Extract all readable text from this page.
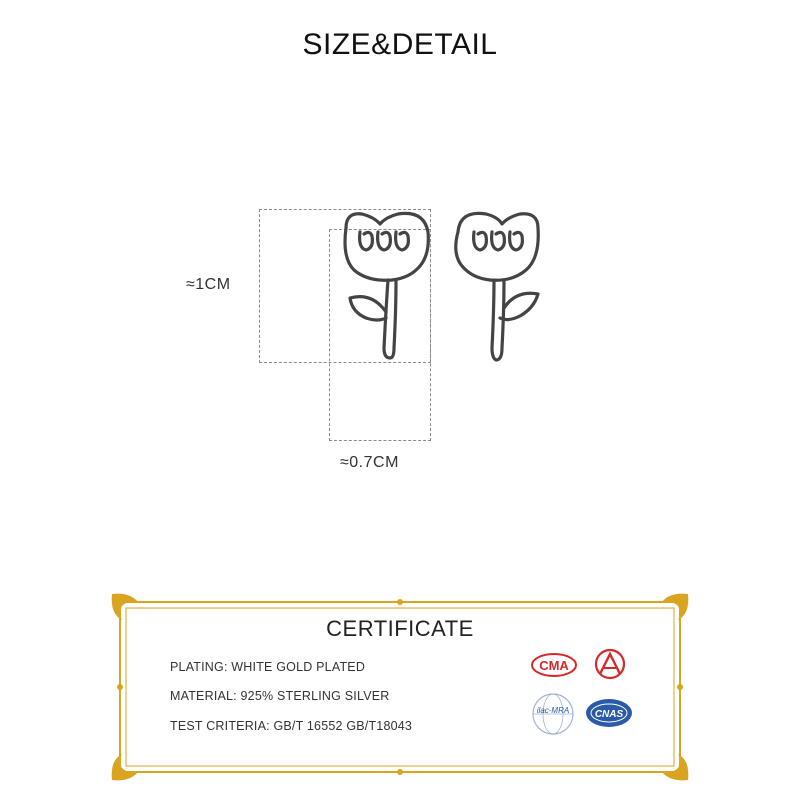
SIZE&DETAIL
≈1CM
≈0.7CM
CERTIFICATE
PLATING: WHITE GOLD PLATED
MATERIAL: 925% STERLING SILVER
TEST CRITERIA: GB/T 16552 GB/T18043
CMA
ilac-MRA	CNAS
